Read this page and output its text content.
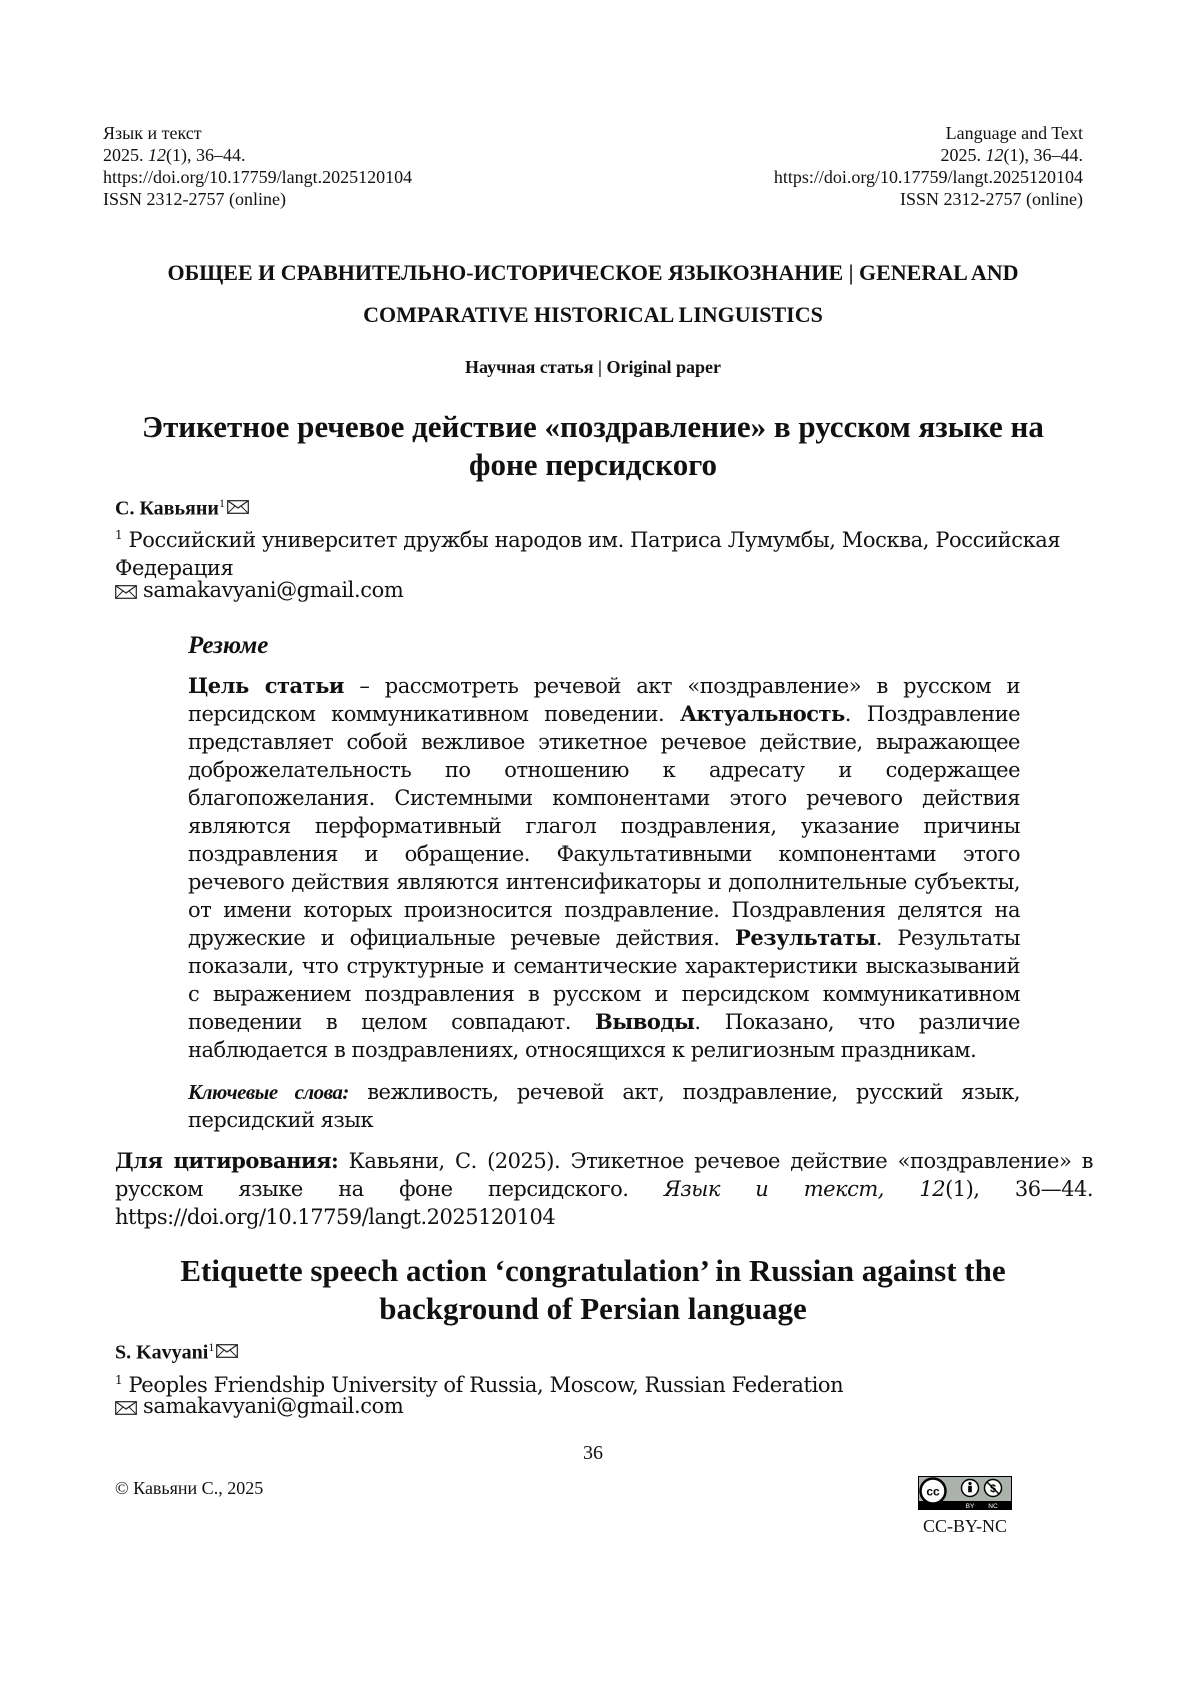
Язык и текст
2025. 12(1), 36–44.
https://doi.org/10.17759/langt.2025120104
ISSN 2312-2757 (online)
Language and Text
2025. 12(1), 36–44.
https://doi.org/10.17759/langt.2025120104
ISSN 2312-2757 (online)
ОБЩЕЕ И СРАВНИТЕЛЬНО-ИСТОРИЧЕСКОЕ ЯЗЫКОЗНАНИЕ | GENERAL AND
COMPARATIVE HISTORICAL LINGUISTICS
Научная статья | Original paper
Этикетное речевое действие «поздравление» в русском языке на
фоне персидского
С. Кавьяни1
1 Российский университет дружбы народов им. Патриса Лумумбы, Москва, Российская Федерация
samakavyani@gmail.com
Резюме
Цель статьи – рассмотреть речевой акт «поздравление» в русском и персидском коммуникативном поведении. Актуальность. Поздравление представляет собой вежливое этикетное речевое действие, выражающее доброжелательность по отношению к адресату и содержащее благопожелания. Системными компонентами этого речевого действия являются перформативный глагол поздравления, указание причины поздравления и обращение. Факультативными компонентами этого речевого действия являются интенсификаторы и дополнительные субъекты, от имени которых произносится поздравление. Поздравления делятся на дружеские и официальные речевые действия. Результаты. Результаты показали, что структурные и семантические характеристики высказываний с выражением поздравления в русском и персидском коммуникативном поведении в целом совпадают. Выводы. Показано, что различие наблюдается в поздравлениях, относящихся к религиозным праздникам.
Ключевые слова: вежливость, речевой акт, поздравление, русский язык, персидский язык
Для цитирования: Кавьяни, С. (2025). Этикетное речевое действие «поздравление» в русском языке на фоне персидского. Язык и текст, 12(1), 36—44. https://doi.org/10.17759/langt.2025120104
Etiquette speech action ‘congratulation’ in Russian against the
background of Persian language
S. Kavyani1
1 Peoples Friendship University of Russia, Moscow, Russian Federation
samakavyani@gmail.com
36
© Кавьяни С., 2025	cc
BY NC
CC-BY-NC
